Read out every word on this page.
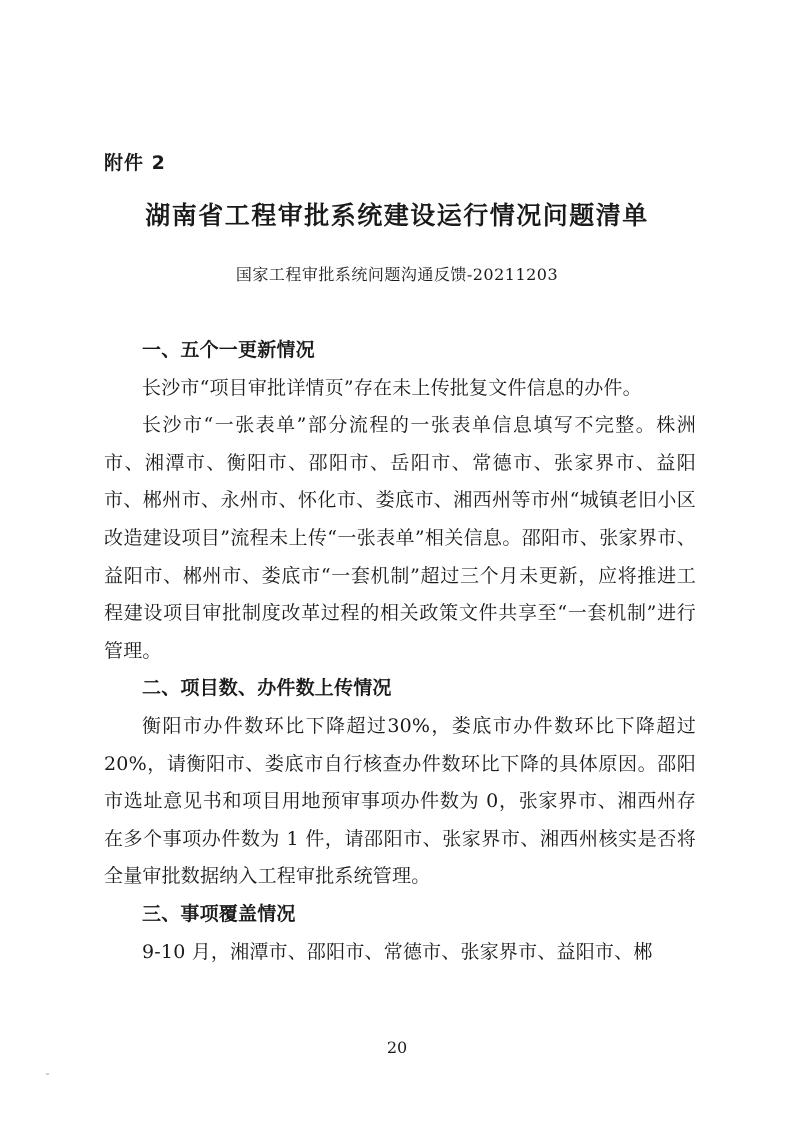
附件 2
湖南省工程审批系统建设运行情况问题清单
国家工程审批系统问题沟通反馈-20211203
一、五个一更新情况

长沙市“项目审批详情页”存在未上传批复文件信息的办件。

长沙市“一张表单”部分流程的一张表单信息填写不完整。株洲市、湘潭市、衡阳市、邵阳市、岳阳市、常德市、张家界市、益阳市、郴州市、永州市、怀化市、娄底市、湘西州等市州“城镇老旧小区改造建设项目”流程未上传“一张表单”相关信息。邵阳市、张家界市、益阳市、郴州市、娄底市“一套机制”超过三个月未更新，应将推进工程建设项目审批制度改革过程的相关政策文件共享至“一套机制”进行管理。

二、项目数、办件数上传情况

衡阳市办件数环比下降超过30%，娄底市办件数环比下降超过20%，请衡阳市、娄底市自行核查办件数环比下降的具体原因。邵阳市选址意见书和项目用地预审事项办件数为 0，张家界市、湘西州存在多个事项办件数为 1 件，请邵阳市、张家界市、湘西州核实是否将全量审批数据纳入工程审批系统管理。

三、事项覆盖情况

9-10 月，湘潭市、邵阳市、常德市、张家界市、益阳市、郴

20
